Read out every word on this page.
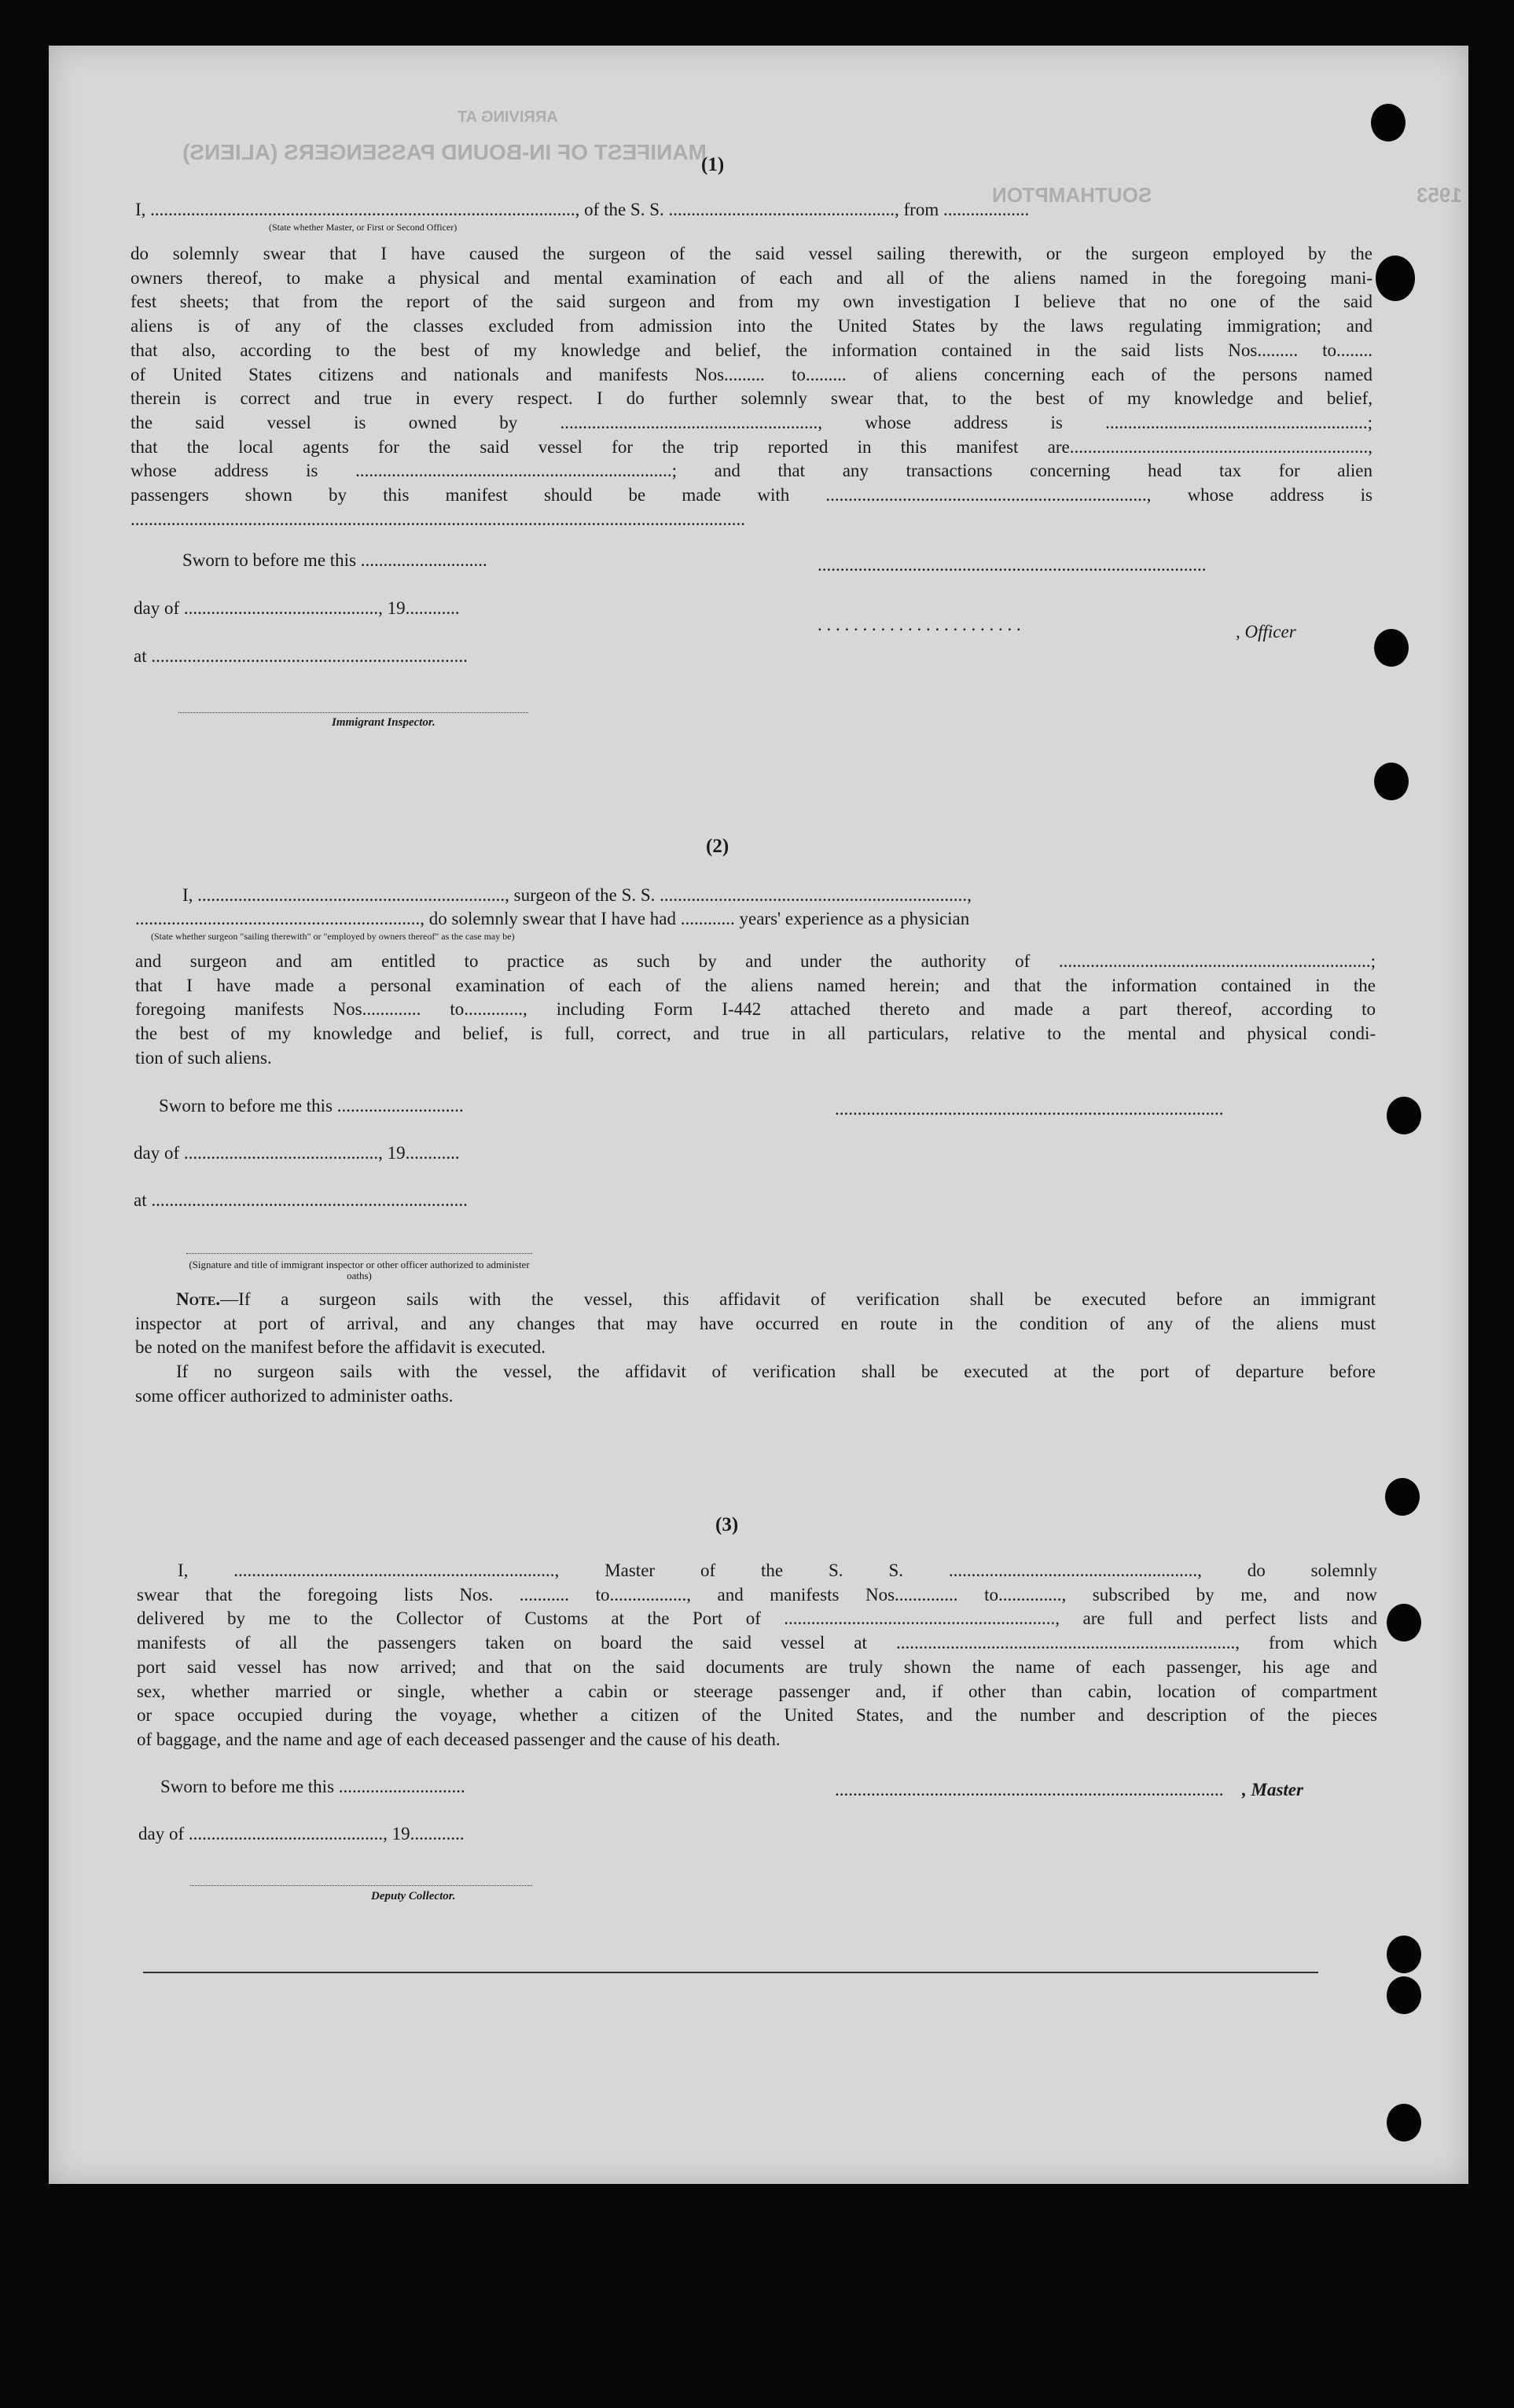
MANIFEST OF IN-BOUND PASSENGERS (ALIENS)
ARRIVING AT
SOUTHAMPTON	1953
(1)
I, .............................................................................................., of the S. S. .................................................., from ...................
(State whether Master, or First or Second Officer)
do solemnly swear that I have caused the surgeon of the said vessel sailing therewith, or the surgeon employed by the
owners thereof, to make a physical and mental examination of each and all of the aliens named in the foregoing mani-
fest sheets; that from the report of the said surgeon and from my own investigation I believe that no one of the said
aliens is of any of the classes excluded from admission into the United States by the laws regulating immigration; and
that also, according to the best of my knowledge and belief, the information contained in the said lists Nos......... to........
of United States citizens and nationals and manifests Nos......... to......... of aliens concerning each of the persons named
therein is correct and true in every respect. I do further solemnly swear that, to the best of my knowledge and belief,
the said vessel is owned by ........................................................., whose address is ..........................................................;
that the local agents for the said vessel for the trip reported in this manifest are..................................................................,
whose address is ......................................................................; and that any transactions concerning head tax for alien
passengers shown by this manifest should be made with ......................................................................., whose address is
........................................................................................................................................
Sworn to before me this ............................
day of ..........................................., 19............
at ......................................................................
Immigrant Inspector.
......................................................................................
. . . . . . . . . . . . . . . . . . . . . . .	, Officer
(2)
I, ...................................................................., surgeon of the S. S. ....................................................................,
..............................................................., do solemnly swear that I have had ............ years' experience as a physician
(State whether surgeon "sailing therewith" or "employed by owners thereof" as the case may be)
and surgeon and am entitled to practice as such by and under the authority of .....................................................................;
that I have made a personal examination of each of the aliens named herein; and that the information contained in the
foregoing manifests Nos............. to............., including Form I-442 attached thereto and made a part thereof, according to
the best of my knowledge and belief, is full, correct, and true in all particulars, relative to the mental and physical condi-
tion of such aliens.
Sworn to before me this ............................
day of ..........................................., 19............
at ......................................................................
(Signature and title of immigrant inspector or other officer authorized to administer oaths)
......................................................................................
Note.—If a surgeon sails with the vessel, this affidavit of verification shall be executed before an immigrant
inspector at port of arrival, and any changes that may have occurred en route in the condition of any of the aliens must
be noted on the manifest before the affidavit is executed.
If no surgeon sails with the vessel, the affidavit of verification shall be executed at the port of departure before
some officer authorized to administer oaths.
(3)
I, ......................................................................., Master of the S. S. ......................................................., do solemnly
swear that the foregoing lists Nos. ........... to................., and manifests Nos.............. to.............., subscribed by me, and now
delivered by me to the Collector of Customs at the Port of ............................................................, are full and perfect lists and
manifests of all the passengers taken on board the said vessel at ..........................................................................., from which
port said vessel has now arrived; and that on the said documents are truly shown the name of each passenger, his age and
sex, whether married or single, whether a cabin or steerage passenger and, if other than cabin, location of compartment
or space occupied during the voyage, whether a citizen of the United States, and the number and description of the pieces
of baggage, and the name and age of each deceased passenger and the cause of his death.
Sworn to before me this ............................
day of ..........................................., 19............
Deputy Collector.
......................................................................................	, Master
